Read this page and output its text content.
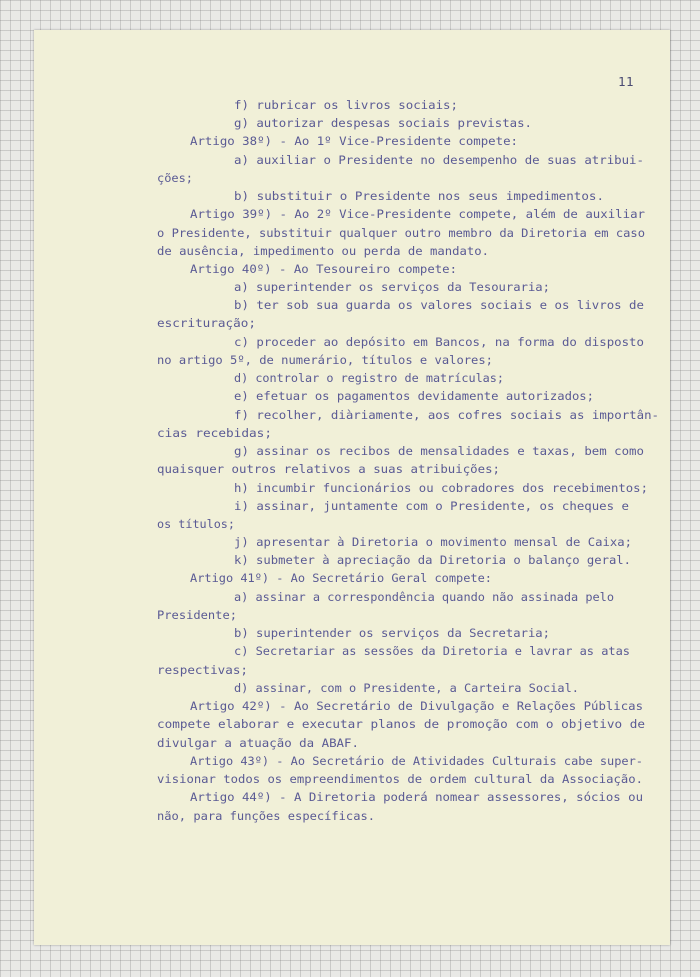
11
f) rubricar os livros sociais;
g) autorizar despesas sociais previstas.
Artigo 38º) - Ao 1º Vice-Presidente compete:
a) auxiliar o Presidente no desempenho de suas atribui-
ções;
b) substituir o Presidente nos seus impedimentos.
Artigo 39º) - Ao 2º Vice-Presidente compete, além de auxiliar
o Presidente, substituir qualquer outro membro da Diretoria em caso
de ausência, impedimento ou perda de mandato.
Artigo 40º) - Ao Tesoureiro compete:
a) superintender os serviços da Tesouraria;
b) ter sob sua guarda os valores sociais e os livros de
escrituração;
c) proceder ao depósito em Bancos, na forma do disposto
no artigo 5º, de numerário, títulos e valores;
d) controlar o registro de matrículas;
e) efetuar os pagamentos devidamente autorizados;
f) recolher, diàriamente, aos cofres sociais as importân-
cias recebidas;
g) assinar os recibos de mensalidades e taxas, bem como
quaisquer outros relativos a suas atribuições;
h) incumbir funcionários ou cobradores dos recebimentos;
i) assinar, juntamente com o Presidente, os cheques e
os títulos;
j) apresentar à Diretoria o movimento mensal de Caixa;
k) submeter à apreciação da Diretoria o balanço geral.
Artigo 41º) - Ao Secretário Geral compete:
a) assinar a correspondência quando não assinada pelo
Presidente;
b) superintender os serviços da Secretaria;
c) Secretariar as sessões da Diretoria e lavrar as atas
respectivas;
d) assinar, com o Presidente, a Carteira Social.
Artigo 42º) - Ao Secretário de Divulgação e Relações Públicas
compete elaborar e executar planos de promoção com o objetivo de
divulgar a atuação da ABAF.
Artigo 43º) - Ao Secretário de Atividades Culturais cabe super-
visionar todos os empreendimentos de ordem cultural da Associação.
Artigo 44º) - A Diretoria poderá nomear assessores, sócios ou
não, para funções específicas.
